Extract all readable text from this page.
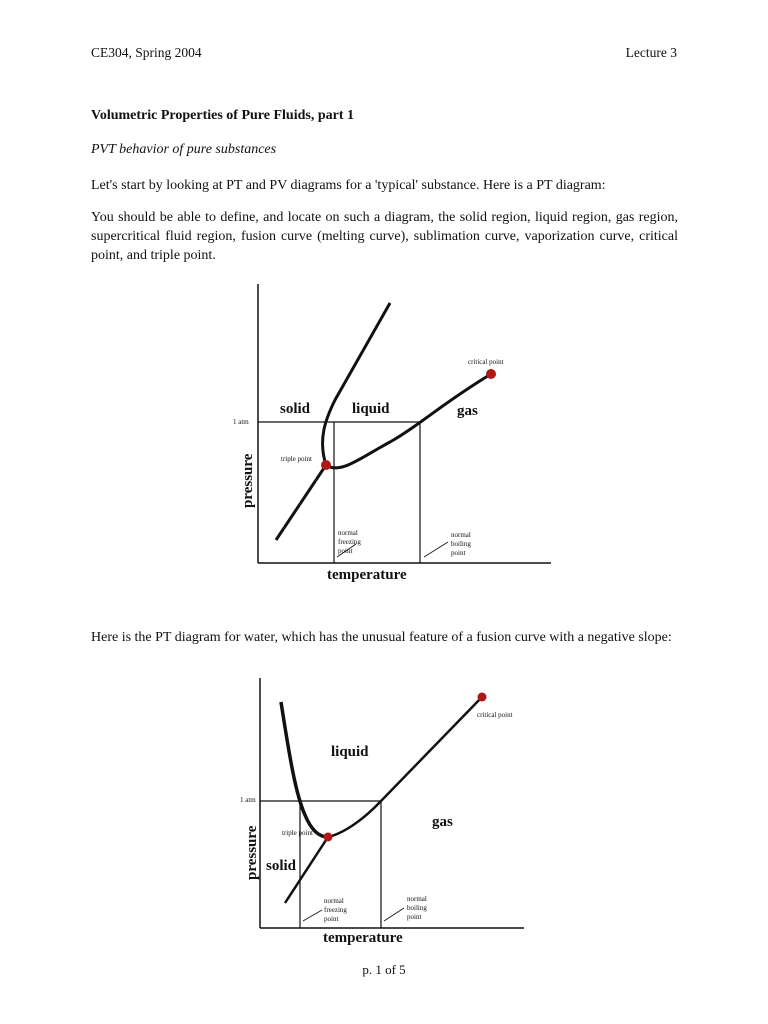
CE304, Spring 2004	Lecture 3
Volumetric Properties of Pure Fluids, part 1
PVT behavior of pure substances

Let's start by looking at PT and PV diagrams for a 'typical' substance. Here is a PT diagram:

You should be able to define, and locate on such a diagram, the solid region, liquid region, gas region, supercritical fluid region, fusion curve (melting curve), sublimation curve, vaporization curve, critical point, and triple point.

solid	liquid	gas
1 atm
critical point
triple point
normal
freezing
point
normal
boiling
point
temperature
pressure

Here is the PT diagram for water, which has the unusual feature of a fusion curve with a negative slope:

liquid
gas
solid
1 atm
critical point
triple point
normal
freezing
point
normal
boiling
point
temperature
pressure
p. 1 of 5
